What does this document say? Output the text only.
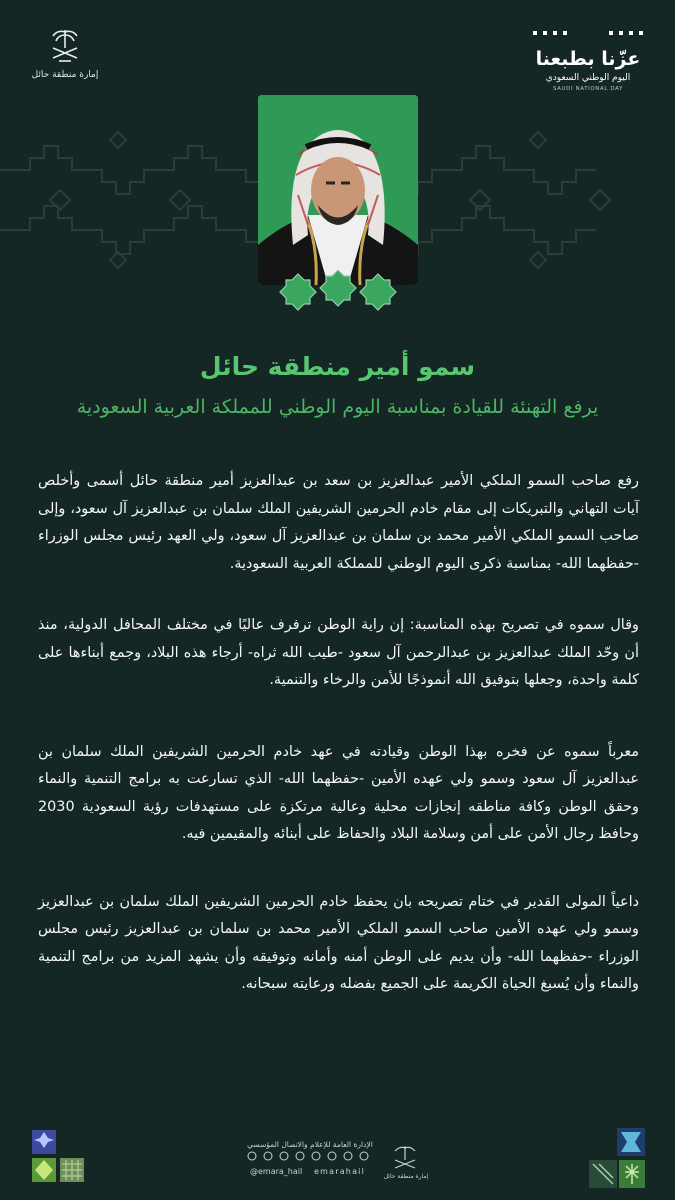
إمارة منطقة حائل
عزّنا بطبعنا
اليوم الوطني السعودي
SAUDI NATIONAL DAY
سمو أمير منطقة حائل
يرفع التهنئة للقيادة بمناسبة اليوم الوطني للمملكة العربية السعودية

رفع صاحب السمو الملكي الأمير عبدالعزيز بن سعد بن عبدالعزيز أمير منطقة حائل أسمى وأخلص آيات التهاني والتبريكات إلى مقام خادم الحرمين الشريفين الملك سلمان بن عبدالعزيز آل سعود، وإلى صاحب السمو الملكي الأمير محمد بن سلمان بن عبدالعزيز آل سعود، ولي العهد رئيس مجلس الوزراء -حفظهما الله- بمناسبة ذكرى اليوم الوطني للمملكة العربية السعودية.

وقال سموه في تصريح بهذه المناسبة: إن راية الوطن ترفرف عاليًا في مختلف المحافل الدولية، منذ أن وحّد الملك عبدالعزيز بن عبدالرحمن آل سعود -طيب الله ثراه- أرجاء هذه البلاد، وجمع أبناءها على كلمة واحدة، وجعلها بتوفيق الله أنموذجًا للأمن والرخاء والتنمية.

معرباً سموه عن فخره بهذا الوطن وقيادته في عهد خادم الحرمين الشريفين الملك سلمان بن عبدالعزيز آل سعود وسمو ولي عهده الأمين -حفظهما الله- الذي تسارعت به برامج التنمية والنماء وحقق الوطن وكافة مناطقه إنجازات محلية وعالية مرتكزة على مستهدفات رؤية السعودية 2030 وحافظ رجال الأمن على أمن وسلامة البلاد والحفاظ على أبنائه والمقيمين فيه.

داعياً المولى القدير في ختام تصريحه بان يحفظ خادم الحرمين الشريفين الملك سلمان بن عبدالعزيز وسمو ولي عهده الأمين صاحب السمو الملكي الأمير محمد بن سلمان بن عبدالعزيز رئيس مجلس الوزراء -حفظهما الله- وأن يديم على الوطن أمنه وأمانه وتوفيقه وأن يشهد المزيد من برامج التنمية والنماء وأن يُسبغ الحياة الكريمة على الجميع بفضله ورعايته سبحانه.

الإدارة العامة للإعلام والاتصال المؤسسي
@emara_hail emarahail
إمارة منطقة حائل
